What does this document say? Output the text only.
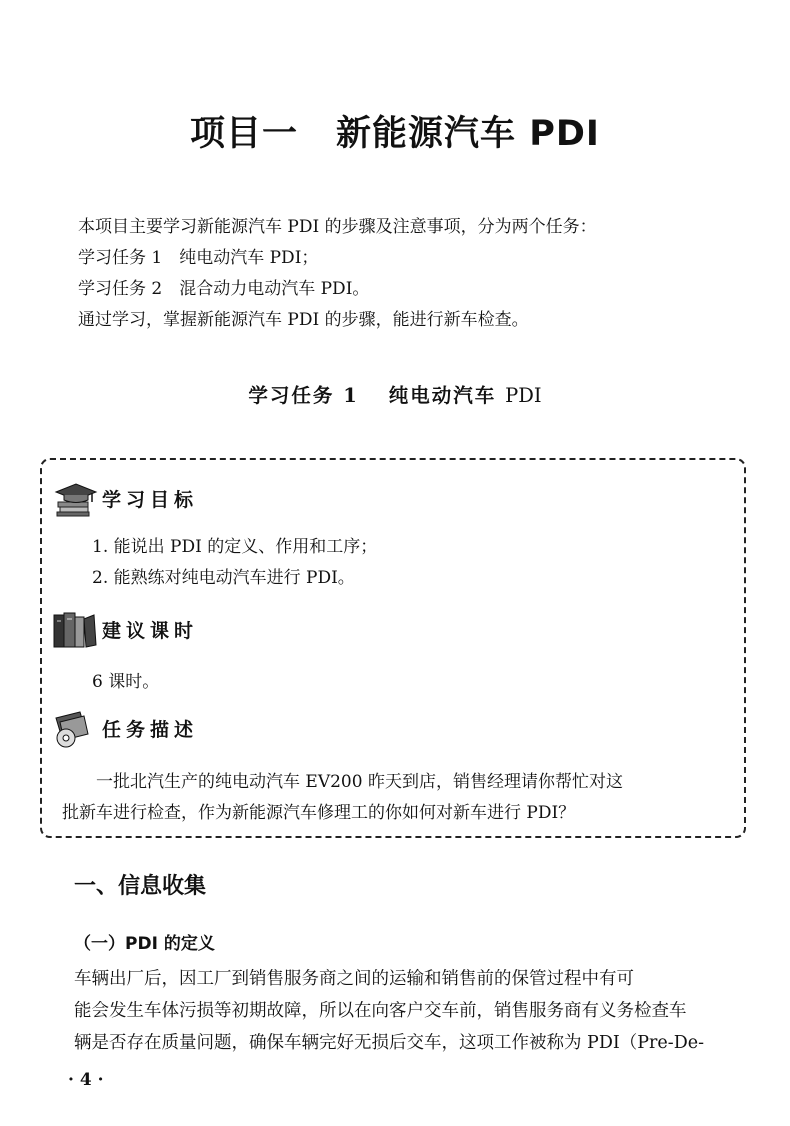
项目一 新能源汽车 PDI

本项目主要学习新能源汽车 PDI 的步骤及注意事项，分为两个任务：

学习任务 1　纯电动汽车 PDI；

学习任务 2　混合动力电动汽车 PDI。

通过学习，掌握新能源汽车 PDI 的步骤，能进行新车检查。

学习任务 1 纯电动汽车 PDI
学习目标

1. 能说出 PDI 的定义、作用和工序；

2. 能熟练对纯电动汽车进行 PDI。

建议课时

6 课时。

任务描述

一批北汽生产的纯电动汽车 EV200 昨天到店，销售经理请你帮忙对这

批新车进行检查，作为新能源汽车修理工的你如何对新车进行 PDI？

一、信息收集
（一）PDI 的定义

车辆出厂后，因工厂到销售服务商之间的运输和销售前的保管过程中有可

能会发生车体污损等初期故障，所以在向客户交车前，销售服务商有义务检查车

辆是否存在质量问题，确保车辆完好无损后交车，这项工作被称为 PDI（Pre-De-

· 4 ·
